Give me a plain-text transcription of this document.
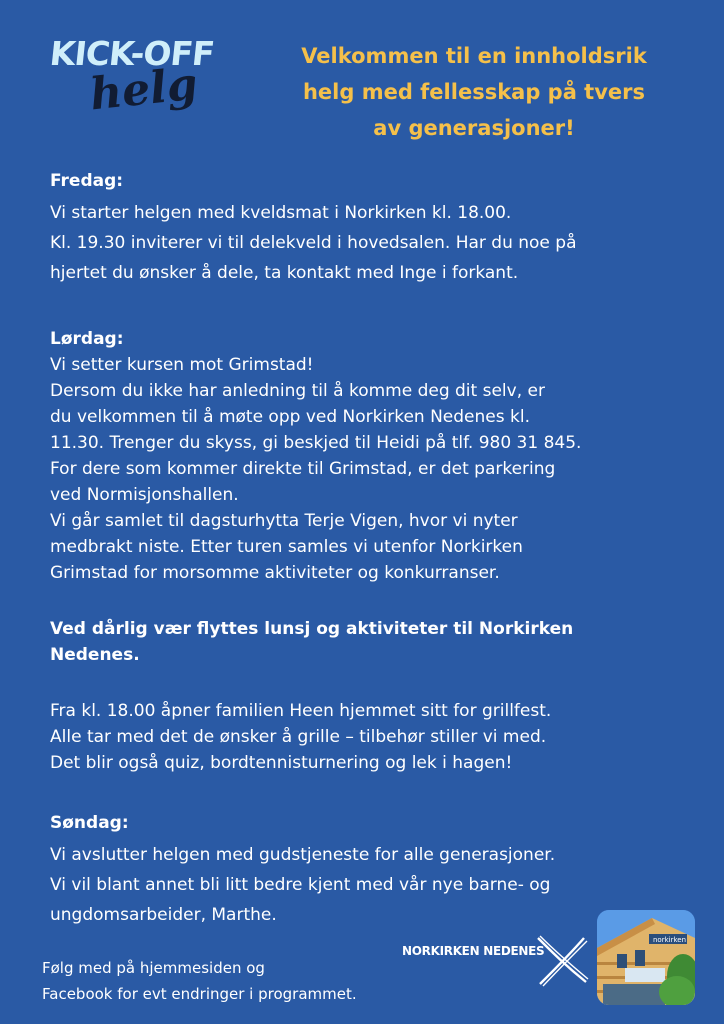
KICK-OFF
helg
Velkommen til en innholdsrik
helg med fellesskap på tvers
av generasjoner!

Fredag:

Vi starter helgen med kveldsmat i Norkirken kl. 18.00.

Kl. 19.30 inviterer vi til delekveld i hovedsalen. Har du noe på

hjertet du ønsker å dele, ta kontakt med Inge i forkant.

Lørdag:

Vi setter kursen mot Grimstad!

Dersom du ikke har anledning til å komme deg dit selv, er

du velkommen til å møte opp ved Norkirken Nedenes kl.

11.30. Trenger du skyss, gi beskjed til Heidi på tlf. 980 31 845.

For dere som kommer direkte til Grimstad, er det parkering

ved Normisjonshallen.

Vi går samlet til dagsturhytta Terje Vigen, hvor vi nyter

medbrakt niste. Etter turen samles vi utenfor Norkirken

Grimstad for morsomme aktiviteter og konkurranser.

Ved dårlig vær flyttes lunsj og aktiviteter til Norkirken

Nedenes.

Fra kl. 18.00 åpner familien Heen hjemmet sitt for grillfest.

Alle tar med det de ønsker å grille – tilbehør stiller vi med.

Det blir også quiz, bordtennisturnering og lek i hagen!

Søndag:

Vi avslutter helgen med gudstjeneste for alle generasjoner.

Vi vil blant annet bli litt bedre kjent med vår nye barne- og

ungdomsarbeider, Marthe.

Følg med på hjemmesiden og
Facebook for evt endringer i programmet.
NORKIRKEN NEDENES
norkirken
